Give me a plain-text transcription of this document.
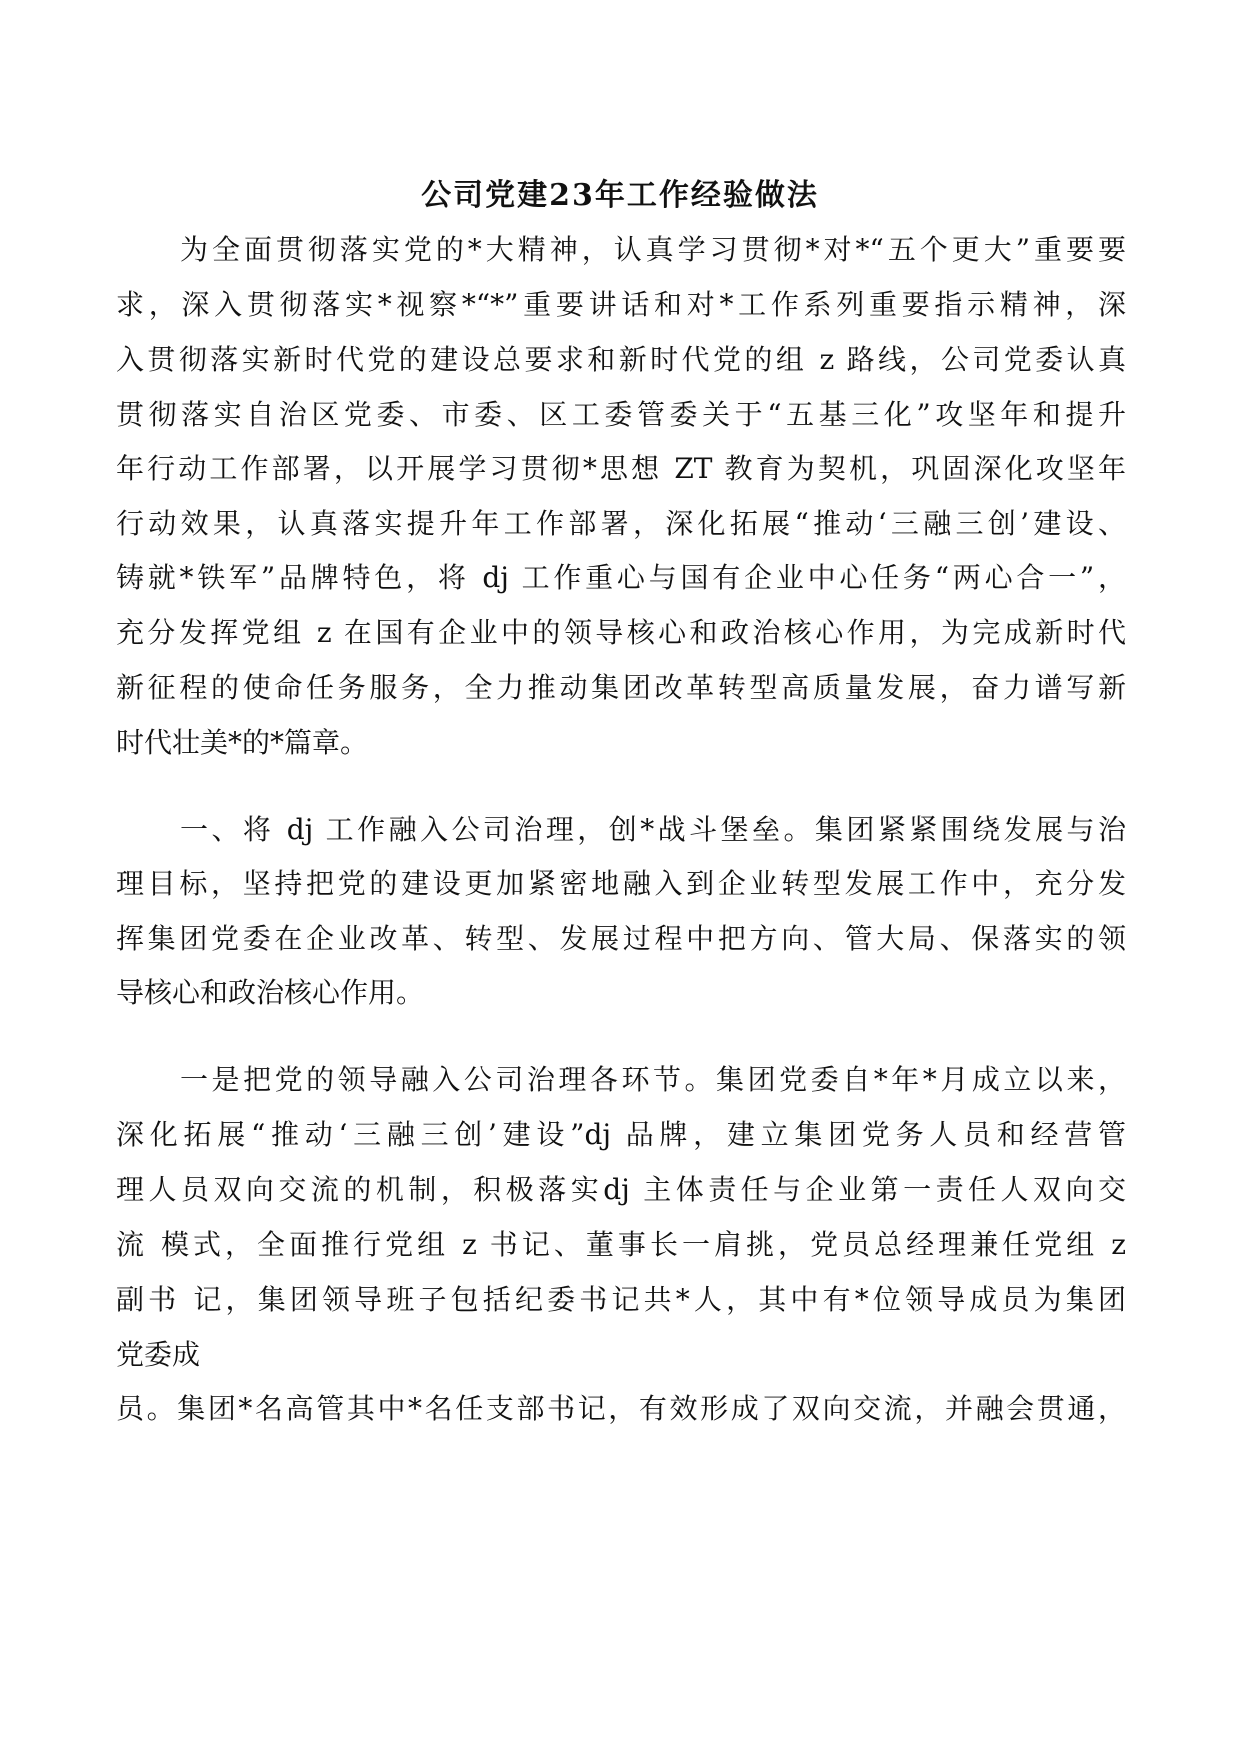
公司党建23年工作经验做法
为全面贯彻落实党的*大精神，认真学习贯彻*对*“五个更大”重要要
求，深入贯彻落实*视察*“*”重要讲话和对*工作系列重要指示精神，深
入贯彻落实新时代党的建设总要求和新时代党的组 z 路线，公司党委认真
贯彻落实自治区党委、市委、区工委管委关于“五基三化”攻坚年和提升
年行动工作部署，以开展学习贯彻*思想 ZT 教育为契机，巩固深化攻坚年
行动效果，认真落实提升年工作部署，深化拓展“推动‘三融三创’建设、
铸就*铁军”品牌特色，将 dj 工作重心与国有企业中心任务“两心合一”，
充分发挥党组 z 在国有企业中的领导核心和政治核心作用，为完成新时代
新征程的使命任务服务，全力推动集团改革转型高质量发展，奋力谱写新
时代壮美*的*篇章。
一、将 dj 工作融入公司治理，创*战斗堡垒。集团紧紧围绕发展与治
理目标，坚持把党的建设更加紧密地融入到企业转型发展工作中，充分发
挥集团党委在企业改革、转型、发展过程中把方向、管大局、保落实的领
导核心和政治核心作用。
一是把党的领导融入公司治理各环节。集团党委自*年*月成立以来，
深化拓展“推动‘三融三创’建设”dj 品牌，建立集团党务人员和经营管
理人员双向交流的机制，积极落实dj 主体责任与企业第一责任人双向交
流 模式，全面推行党组 z 书记、董事长一肩挑，党员总经理兼任党组 z
副书 记，集团领导班子包括纪委书记共*人，其中有*位领导成员为集团
党委成
员。集团*名高管其中*名任支部书记，有效形成了双向交流，并融会贯通，
